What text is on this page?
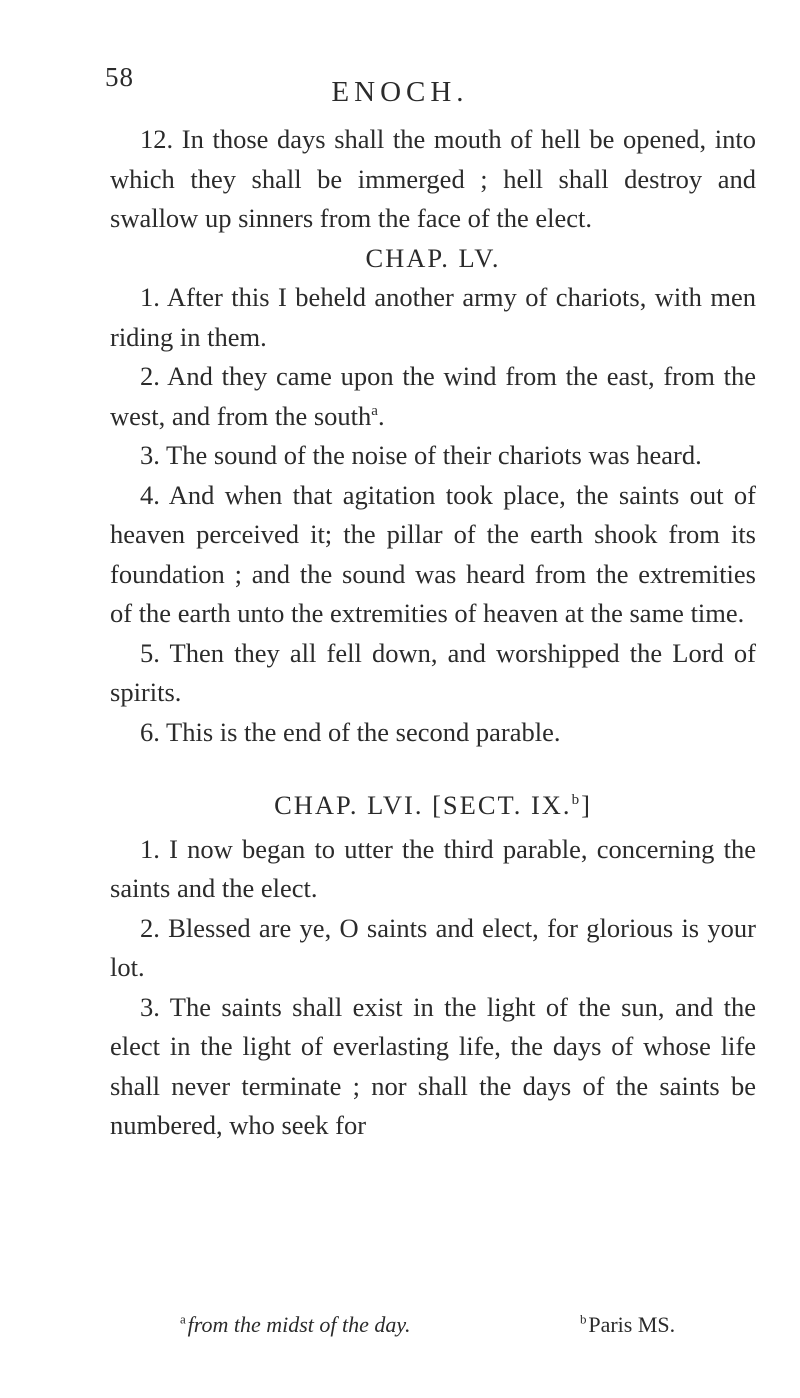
58	ENOCH.

12. In those days shall the mouth of hell be opened, into which they shall be immerged ; hell shall destroy and swallow up sinners from the face of the elect.

CHAP. LV.

1. After this I beheld another army of chariots, with men riding in them.

2. And they came upon the wind from the east, from the west, and from the south$^a$.

3. The sound of the noise of their chariots was heard.

4. And when that agitation took place, the saints out of heaven perceived it; the pillar of the earth shook from its foundation ; and the sound was heard from the extremities of the earth unto the extremities of heaven at the same time.

5. Then they all fell down, and worshipped the Lord of spirits.

6. This is the end of the second parable.

CHAP. LVI. [SECT. IX.$^b$]

1. I now began to utter the third parable, concerning the saints and the elect.

2. Blessed are ye, O saints and elect, for glorious is your lot.

3. The saints shall exist in the light of the sun, and the elect in the light of everlasting life, the days of whose life shall never terminate ; nor shall the days of the saints be numbered, who seek for

$^a$ from the midst of the day.	$^b$ Paris MS.
